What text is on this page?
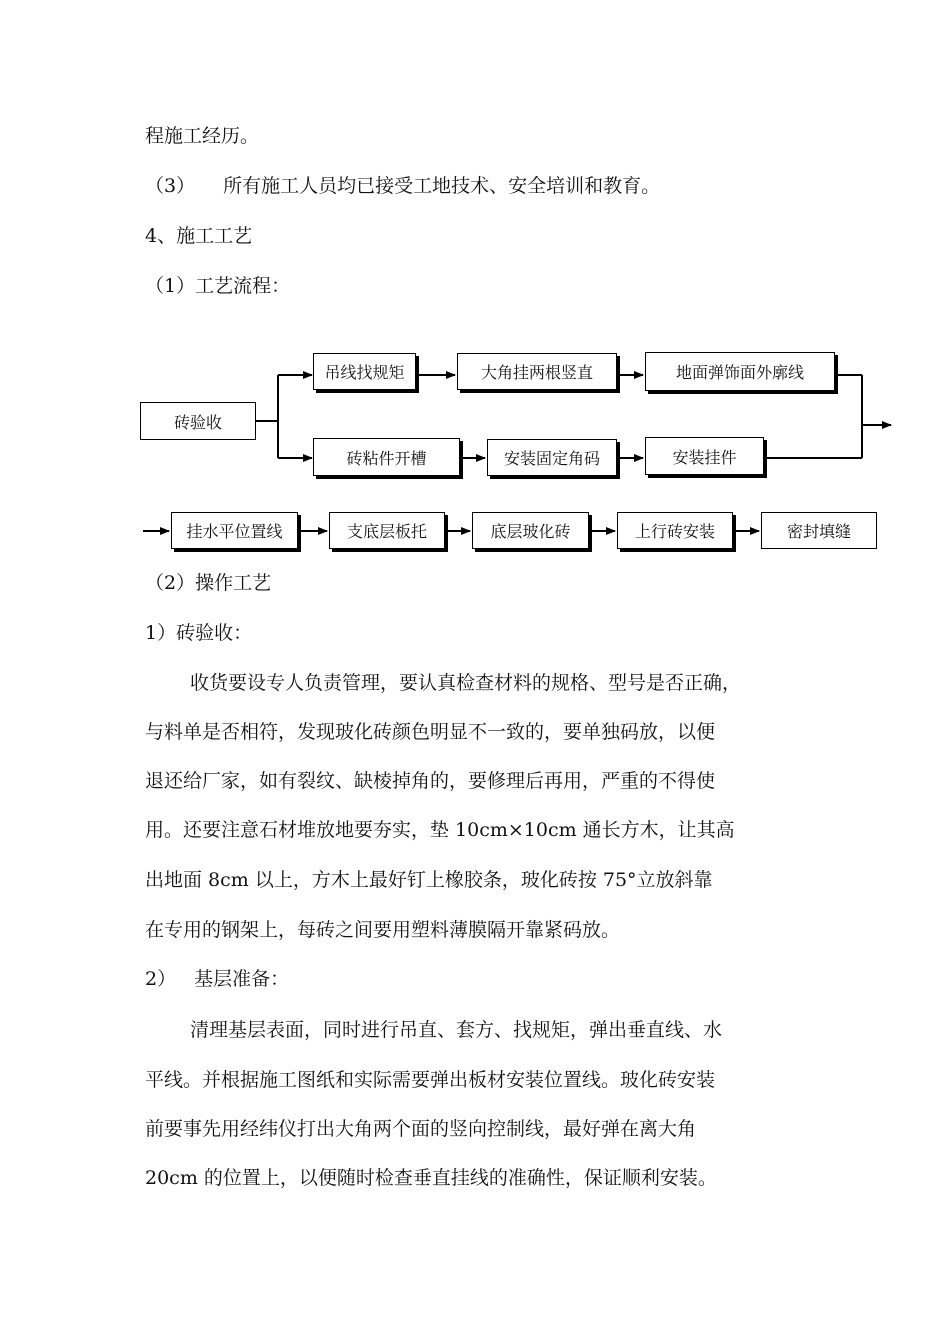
程施工经历。
（3） 所有施工人员均已接受工地技术、安全培训和教育。
4、施工工艺
（1）工艺流程：
砖验收
吊线找规矩	大角挂两根竖直	地面弹饰面外廓线
砖粘件开槽	安装固定角码	安装挂件
挂水平位置线	支底层板托	底层玻化砖	上行砖安装	密封填缝
（2）操作工艺
1）砖验收：
收货要设专人负责管理，要认真检查材料的规格、型号是否正确，
与料单是否相符，发现玻化砖颜色明显不一致的，要单独码放，以便
退还给厂家，如有裂纹、缺棱掉角的，要修理后再用，严重的不得使
用。还要注意石材堆放地要夯实，垫 10cm×10cm 通长方木，让其高
出地面 8cm 以上，方木上最好钉上橡胶条，玻化砖按 75°立放斜靠
在专用的钢架上，每砖之间要用塑料薄膜隔开靠紧码放。
2） 基层准备：
清理基层表面，同时进行吊直、套方、找规矩，弹出垂直线、水
平线。并根据施工图纸和实际需要弹出板材安装位置线。玻化砖安装
前要事先用经纬仪打出大角两个面的竖向控制线，最好弹在离大角
20cm 的位置上，以便随时检查垂直挂线的准确性，保证顺利安装。
